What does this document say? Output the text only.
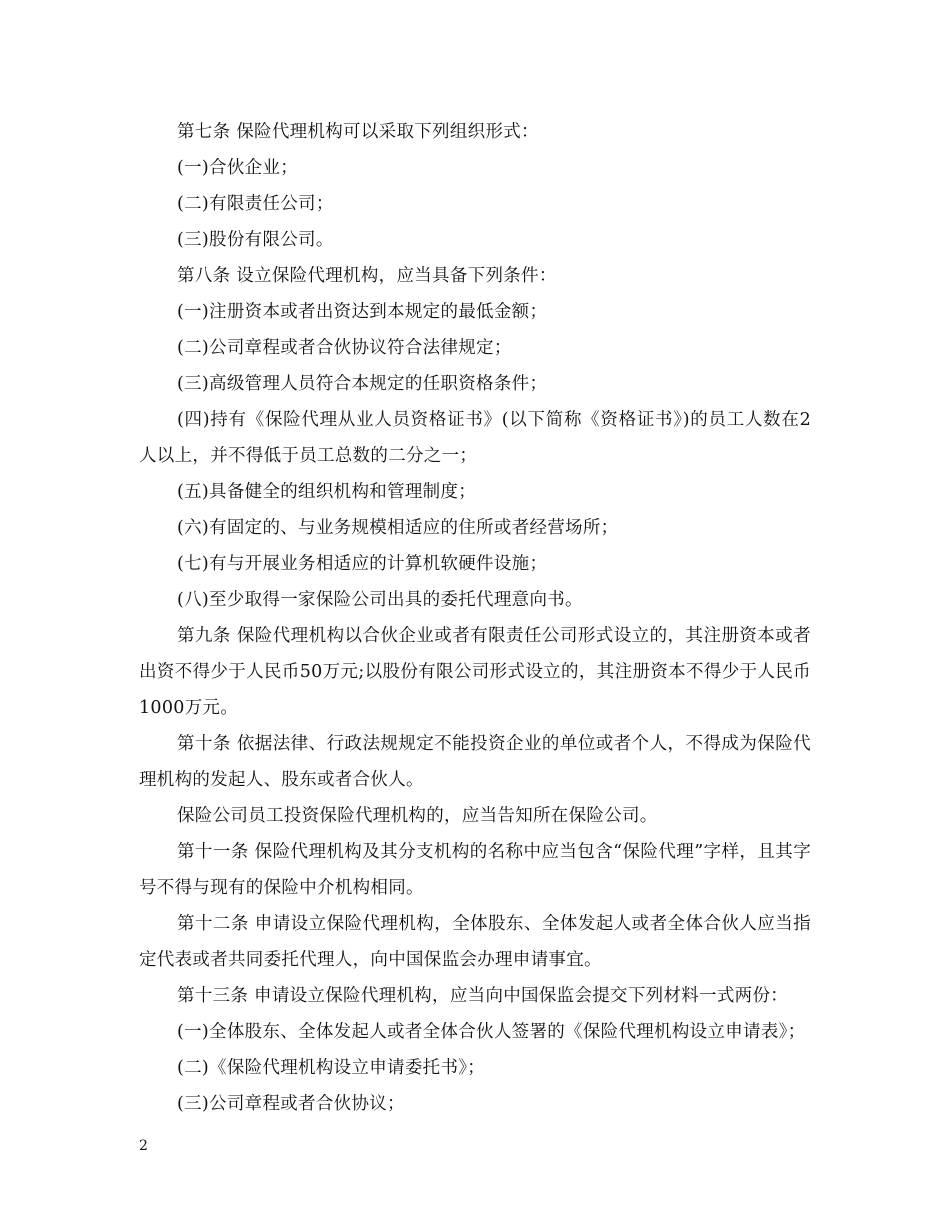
第七条 保险代理机构可以采取下列组织形式：

(一)合伙企业；

(二)有限责任公司；

(三)股份有限公司。

第八条 设立保险代理机构，应当具备下列条件：

(一)注册资本或者出资达到本规定的最低金额；

(二)公司章程或者合伙协议符合法律规定；

(三)高级管理人员符合本规定的任职资格条件；

(四)持有《保险代理从业人员资格证书》(以下简称《资格证书》)的员工人数在2人以上，并不得低于员工总数的二分之一；

(五)具备健全的组织机构和管理制度；

(六)有固定的、与业务规模相适应的住所或者经营场所；

(七)有与开展业务相适应的计算机软硬件设施；

(八)至少取得一家保险公司出具的委托代理意向书。

第九条 保险代理机构以合伙企业或者有限责任公司形式设立的，其注册资本或者出资不得少于人民币50万元;以股份有限公司形式设立的，其注册资本不得少于人民币1000万元。

第十条 依据法律、行政法规规定不能投资企业的单位或者个人，不得成为保险代理机构的发起人、股东或者合伙人。

保险公司员工投资保险代理机构的，应当告知所在保险公司。

第十一条 保险代理机构及其分支机构的名称中应当包含“保险代理”字样，且其字号不得与现有的保险中介机构相同。

第十二条 申请设立保险代理机构，全体股东、全体发起人或者全体合伙人应当指定代表或者共同委托代理人，向中国保监会办理申请事宜。

第十三条 申请设立保险代理机构，应当向中国保监会提交下列材料一式两份：

(一)全体股东、全体发起人或者全体合伙人签署的《保险代理机构设立申请表》；

(二)《保险代理机构设立申请委托书》；

(三)公司章程或者合伙协议；

2
